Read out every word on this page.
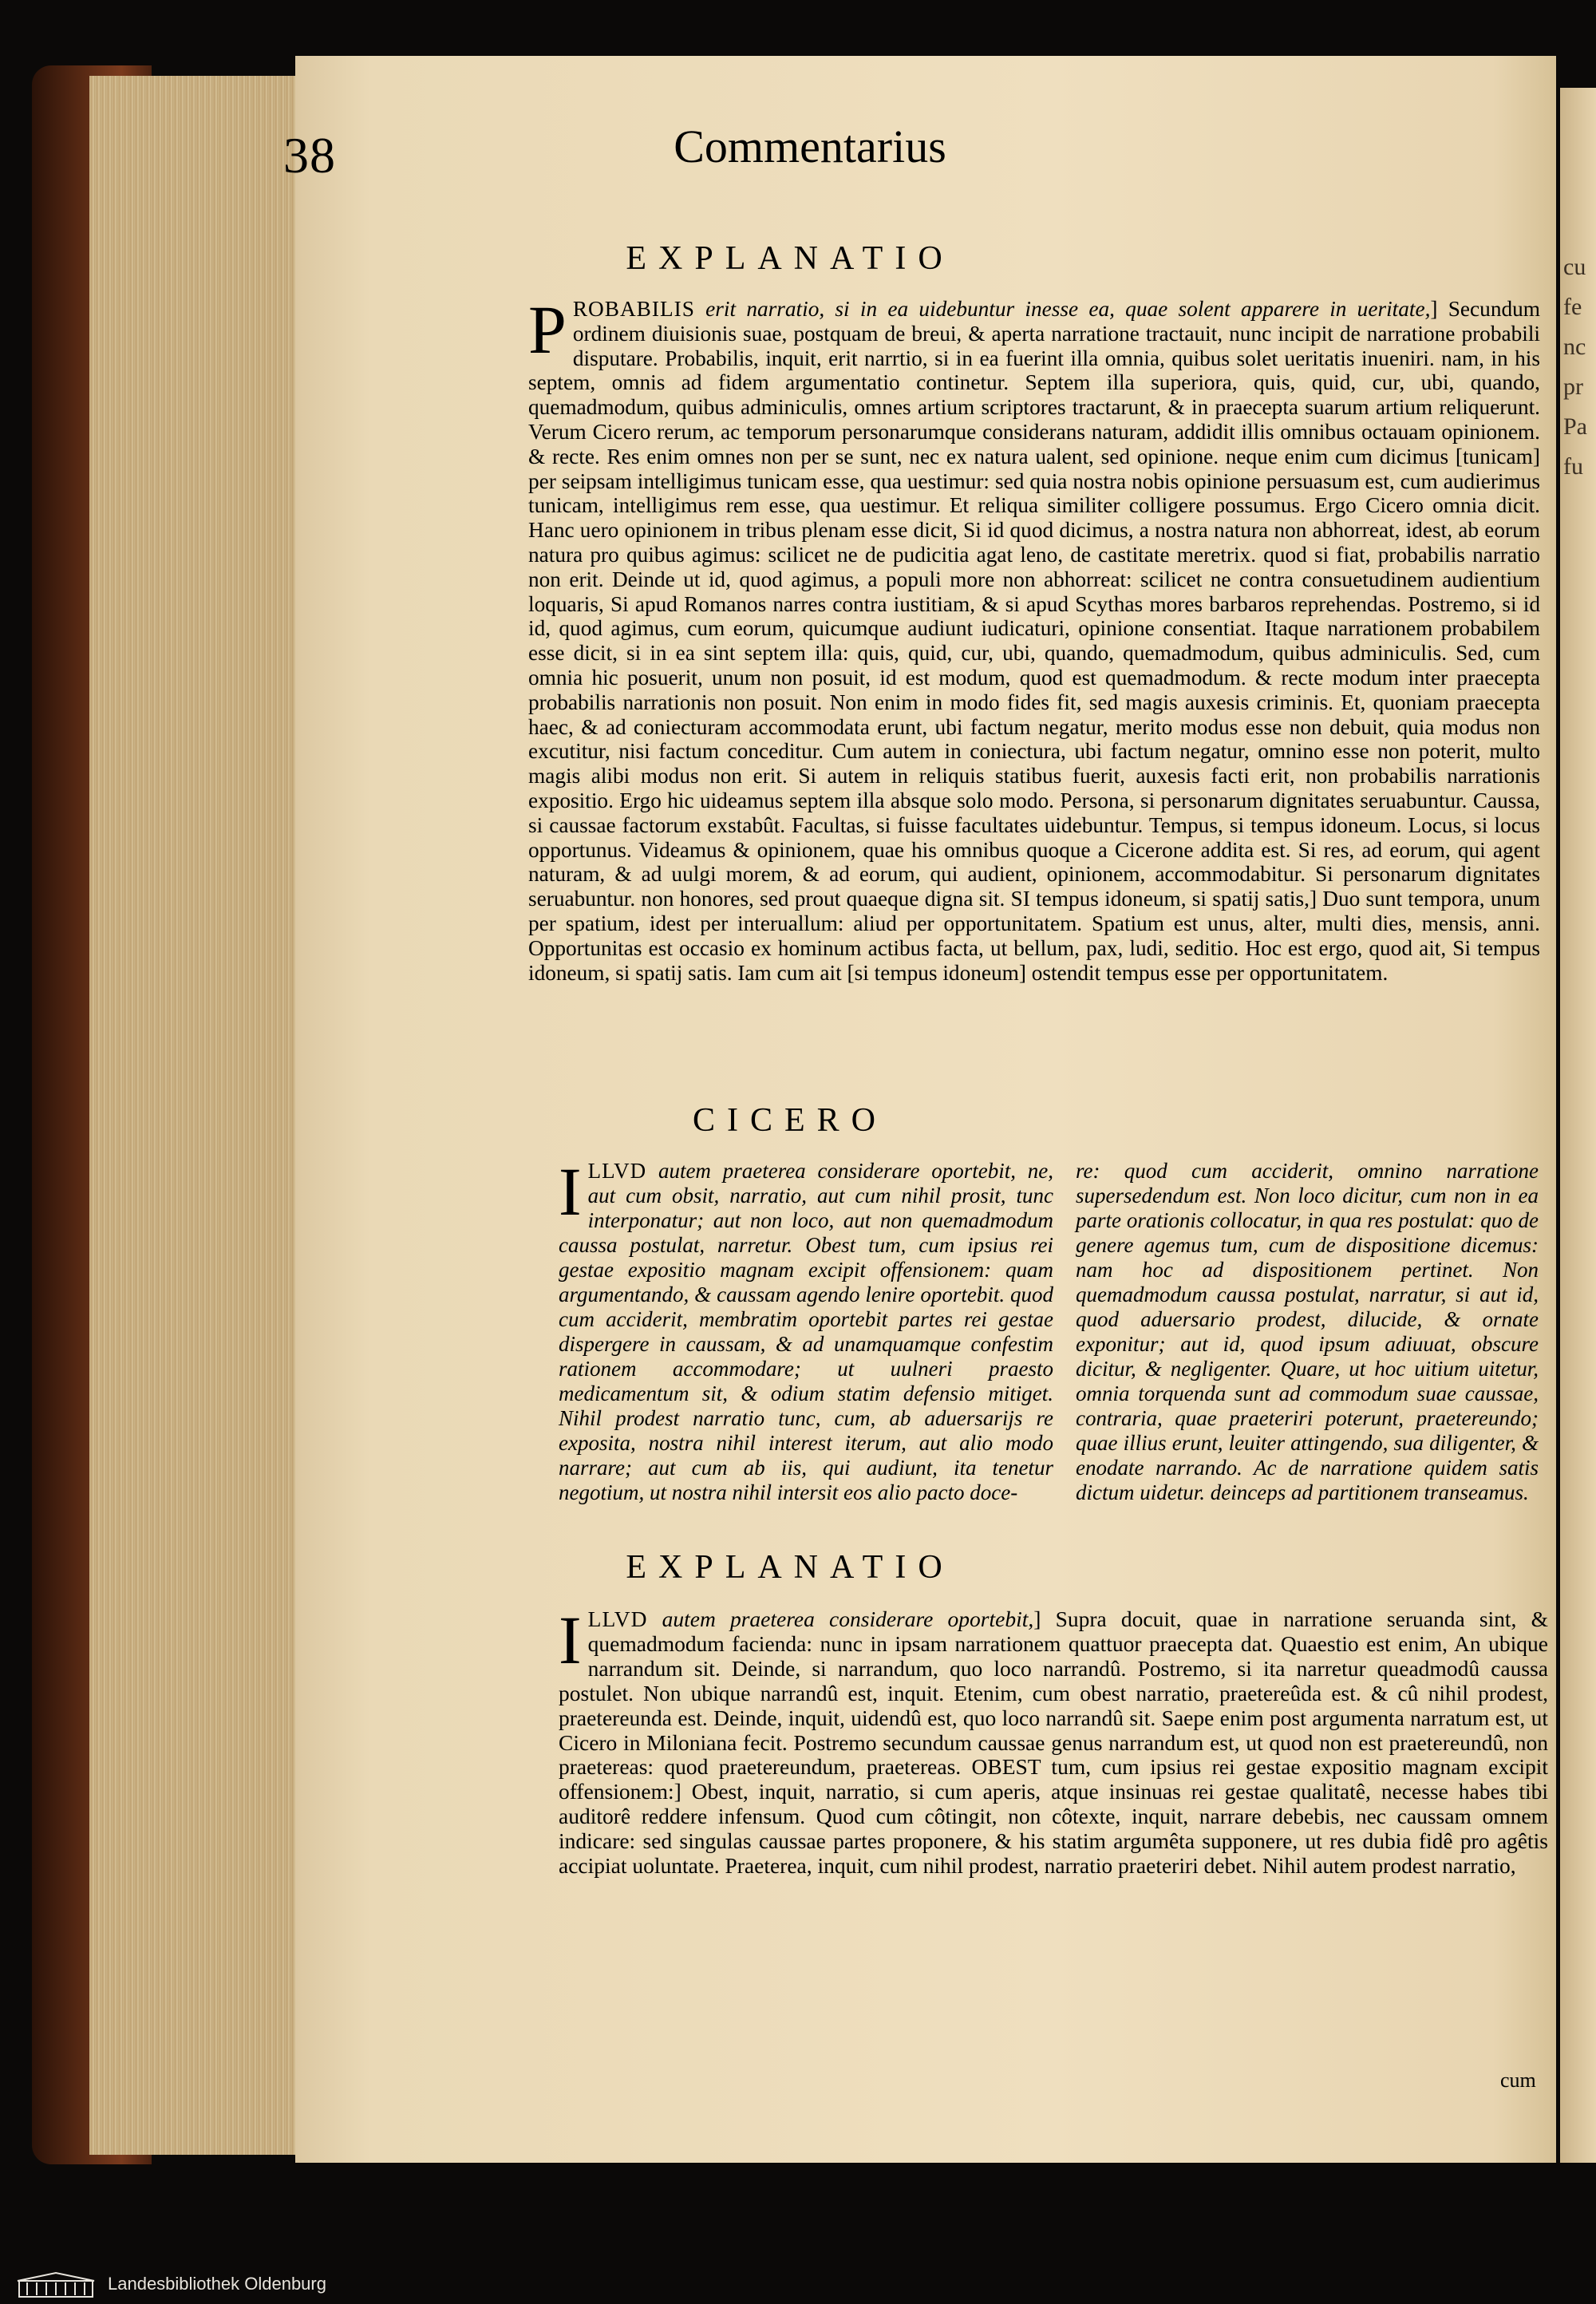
38	Commentarius
EXPLANATIO
PROBABILIS erit narratio, si in ea uidebuntur inesse ea, quae solent apparere in ueritate,] Secundum ordinem diuisionis suae, postquam de breui, & aperta narratione tractauit, nunc incipit de narratione probabili disputare. Probabilis, inquit, erit narrtio, si in ea fuerint illa omnia, quibus solet ueritatis inueniri. nam, in his septem, omnis ad fidem argumentatio continetur. Septem illa superiora, quis, quid, cur, ubi, quando, quemadmodum, quibus adminiculis, omnes artium scriptores tractarunt, & in praecepta suarum artium reliquerunt. Verum Cicero rerum, ac temporum personarumque considerans naturam, addidit illis omnibus octauam opinionem. & recte. Res enim omnes non per se sunt, nec ex natura ualent, sed opinione. neque enim cum dicimus [tunicam] per seipsam intelligimus tunicam esse, qua uestimur: sed quia nostra nobis opinione persuasum est, cum audierimus tunicam, intelligimus rem esse, qua uestimur. Et reliqua similiter colligere possumus. Ergo Cicero omnia dicit. Hanc uero opinionem in tribus plenam esse dicit, Si id quod dicimus, a nostra natura non abhorreat, idest, ab eorum natura pro quibus agimus: scilicet ne de pudicitia agat leno, de castitate meretrix. quod si fiat, probabilis narratio non erit. Deinde ut id, quod agimus, a populi more non abhorreat: scilicet ne contra consuetudinem audientium loquaris, Si apud Romanos narres contra iustitiam, & si apud Scythas mores barbaros reprehendas. Postremo, si id id, quod agimus, cum eorum, quicumque audiunt iudicaturi, opinione consentiat. Itaque narrationem probabilem esse dicit, si in ea sint septem illa: quis, quid, cur, ubi, quando, quemadmodum, quibus adminiculis. Sed, cum omnia hic posuerit, unum non posuit, id est modum, quod est quemadmodum. & recte modum inter praecepta probabilis narrationis non posuit. Non enim in modo fides fit, sed magis auxesis criminis. Et, quoniam praecepta haec, & ad coniecturam accommodata erunt, ubi factum negatur, merito modus esse non debuit, quia modus non excutitur, nisi factum conceditur. Cum autem in coniectura, ubi factum negatur, omnino esse non poterit, multo magis alibi modus non erit. Si autem in reliquis statibus fuerit, auxesis facti erit, non probabilis narrationis expositio. Ergo hic uideamus septem illa absque solo modo. Persona, si personarum dignitates seruabuntur. Caussa, si caussae factorum exstabût. Facultas, si fuisse facultates uidebuntur. Tempus, si tempus idoneum. Locus, si locus opportunus. Videamus & opinionem, quae his omnibus quoque a Cicerone addita est. Si res, ad eorum, qui agent naturam, & ad uulgi morem, & ad eorum, qui audient, opinionem, accommodabitur. Si personarum dignitates seruabuntur. non honores, sed prout quaeque digna sit. SI tempus idoneum, si spatij satis,] Duo sunt tempora, unum per spatium, idest per interuallum: aliud per opportunitatem. Spatium est unus, alter, multi dies, mensis, anni. Opportunitas est occasio ex hominum actibus facta, ut bellum, pax, ludi, seditio. Hoc est ergo, quod ait, Si tempus idoneum, si spatij satis. Iam cum ait [si tempus idoneum] ostendit tempus esse per opportunitatem.
CICERO
ILLVD autem praeterea considerare oportebit, ne, aut cum obsit, narratio, aut cum nihil prosit, tunc interponatur; aut non loco, aut non quemadmodum caussa postulat, narretur. Obest tum, cum ipsius rei gestae expositio magnam excipit offensionem: quam argumentando, & caussam agendo lenire oportebit. quod cum acciderit, membratim oportebit partes rei gestae dispergere in caussam, & ad unamquamque confestim rationem accommodare; ut uulneri praesto medicamentum sit, & odium statim defensio mitiget. Nihil prodest narratio tunc, cum, ab aduersarijs re exposita, nostra nihil interest iterum, aut alio modo narrare; aut cum ab iis, qui audiunt, ita tenetur negotium, ut nostra nihil intersit eos alio pacto doce-
re: quod cum acciderit, omnino narratione supersedendum est. Non loco dicitur, cum non in ea parte orationis collocatur, in qua res postulat: quo de genere agemus tum, cum de dispositione dicemus: nam hoc ad dispositionem pertinet. Non quemadmodum caussa postulat, narratur, si aut id, quod aduersario prodest, dilucide, & ornate exponitur; aut id, quod ipsum adiuuat, obscure dicitur, & negligenter. Quare, ut hoc uitium uitetur, omnia torquenda sunt ad commodum suae caussae, contraria, quae praeteriri poterunt, praetereundo; quae illius erunt, leuiter attingendo, sua diligenter, & enodate narrando. Ac de narratione quidem satis dictum uidetur. deinceps ad partitionem transeamus.
EXPLANATIO
ILLVD autem praeterea considerare oportebit,] Supra docuit, quae in narratione seruanda sint, & quemadmodum facienda: nunc in ipsam narrationem quattuor praecepta dat. Quaestio est enim, An ubique narrandum sit. Deinde, si narrandum, quo loco narrandû. Postremo, si ita narretur queadmodû caussa postulet. Non ubique narrandû est, inquit. Etenim, cum obest narratio, praetereûda est. & cû nihil prodest, praetereunda est. Deinde, inquit, uidendû est, quo loco narrandû sit. Saepe enim post argumenta narratum est, ut Cicero in Miloniana fecit. Postremo secundum caussae genus narrandum est, ut quod non est praetereundû, non praetereas: quod praetereundum, praetereas. OBEST tum, cum ipsius rei gestae expositio magnam excipit offensionem:] Obest, inquit, narratio, si cum aperis, atque insinuas rei gestae qualitatê, necesse habes tibi auditorê reddere infensum. Quod cum côtingit, non côtexte, inquit, narrare debebis, nec caussam omnem indicare: sed singulas caussae partes proponere, & his statim argumêta supponere, ut res dubia fidê pro agêtis accipiat uoluntate. Praeterea, inquit, cum nihil prodest, narratio praeteriri debet. Nihil autem prodest narratio,
cum
cu
fe
nc
pr
Pa
fu
Landesbibliothek Oldenburg
